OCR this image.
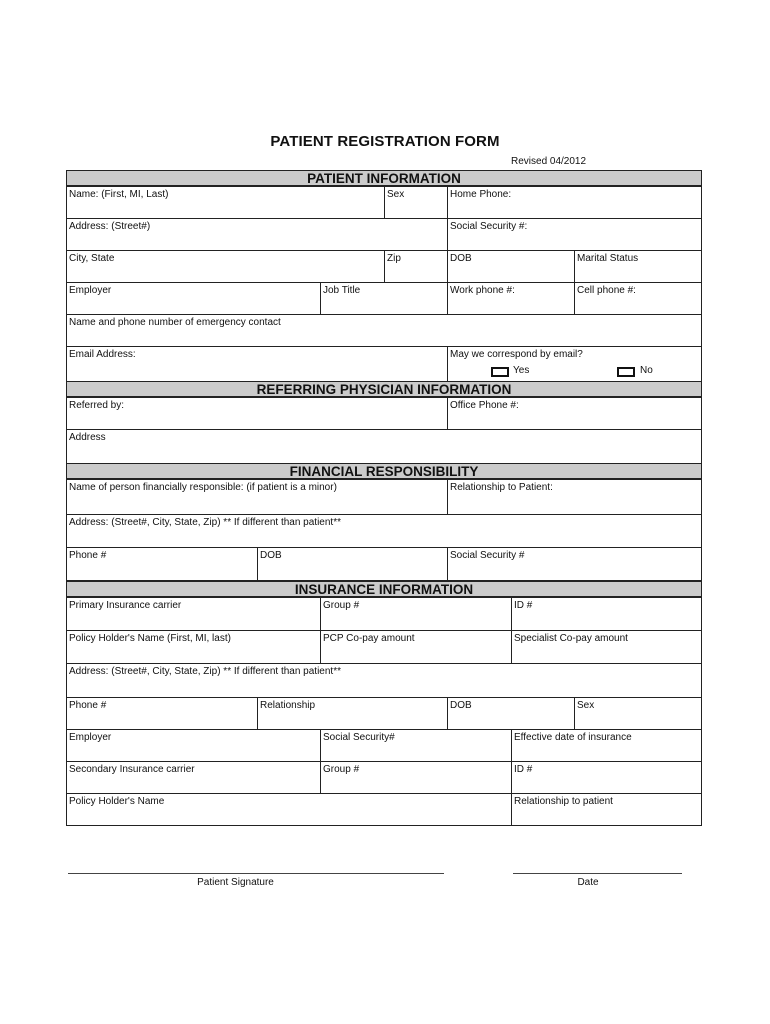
PATIENT REGISTRATION FORM
Revised 04/2012
PATIENT INFORMATION
Name: (First, MI, Last)	Sex	Home Phone:
Address: (Street#)	Social Security #:
City, State	Zip	DOB	Marital Status
Employer	Job Title	Work phone #:	Cell phone #:
Name and phone number of emergency contact
Email Address:	May we correspond by email?
Yes	No
REFERRING PHYSICIAN INFORMATION
Referred by:	Office Phone #:
Address
FINANCIAL RESPONSIBILITY
Name of person financially responsible: (if patient is a minor)	Relationship to Patient:
Address: (Street#, City, State, Zip) ** If different than patient**
Phone #	DOB	Social Security #
INSURANCE INFORMATION
Primary Insurance carrier	Group #	ID #
Policy Holder's Name (First, MI, last)	PCP Co-pay amount	Specialist Co-pay amount
Address: (Street#, City, State, Zip) ** If different than patient**
Phone #	Relationship	DOB	Sex
Employer	Social Security#	Effective date of insurance
Secondary Insurance carrier	Group #	ID #
Policy Holder's Name	Relationship to patient
Patient Signature	Date
